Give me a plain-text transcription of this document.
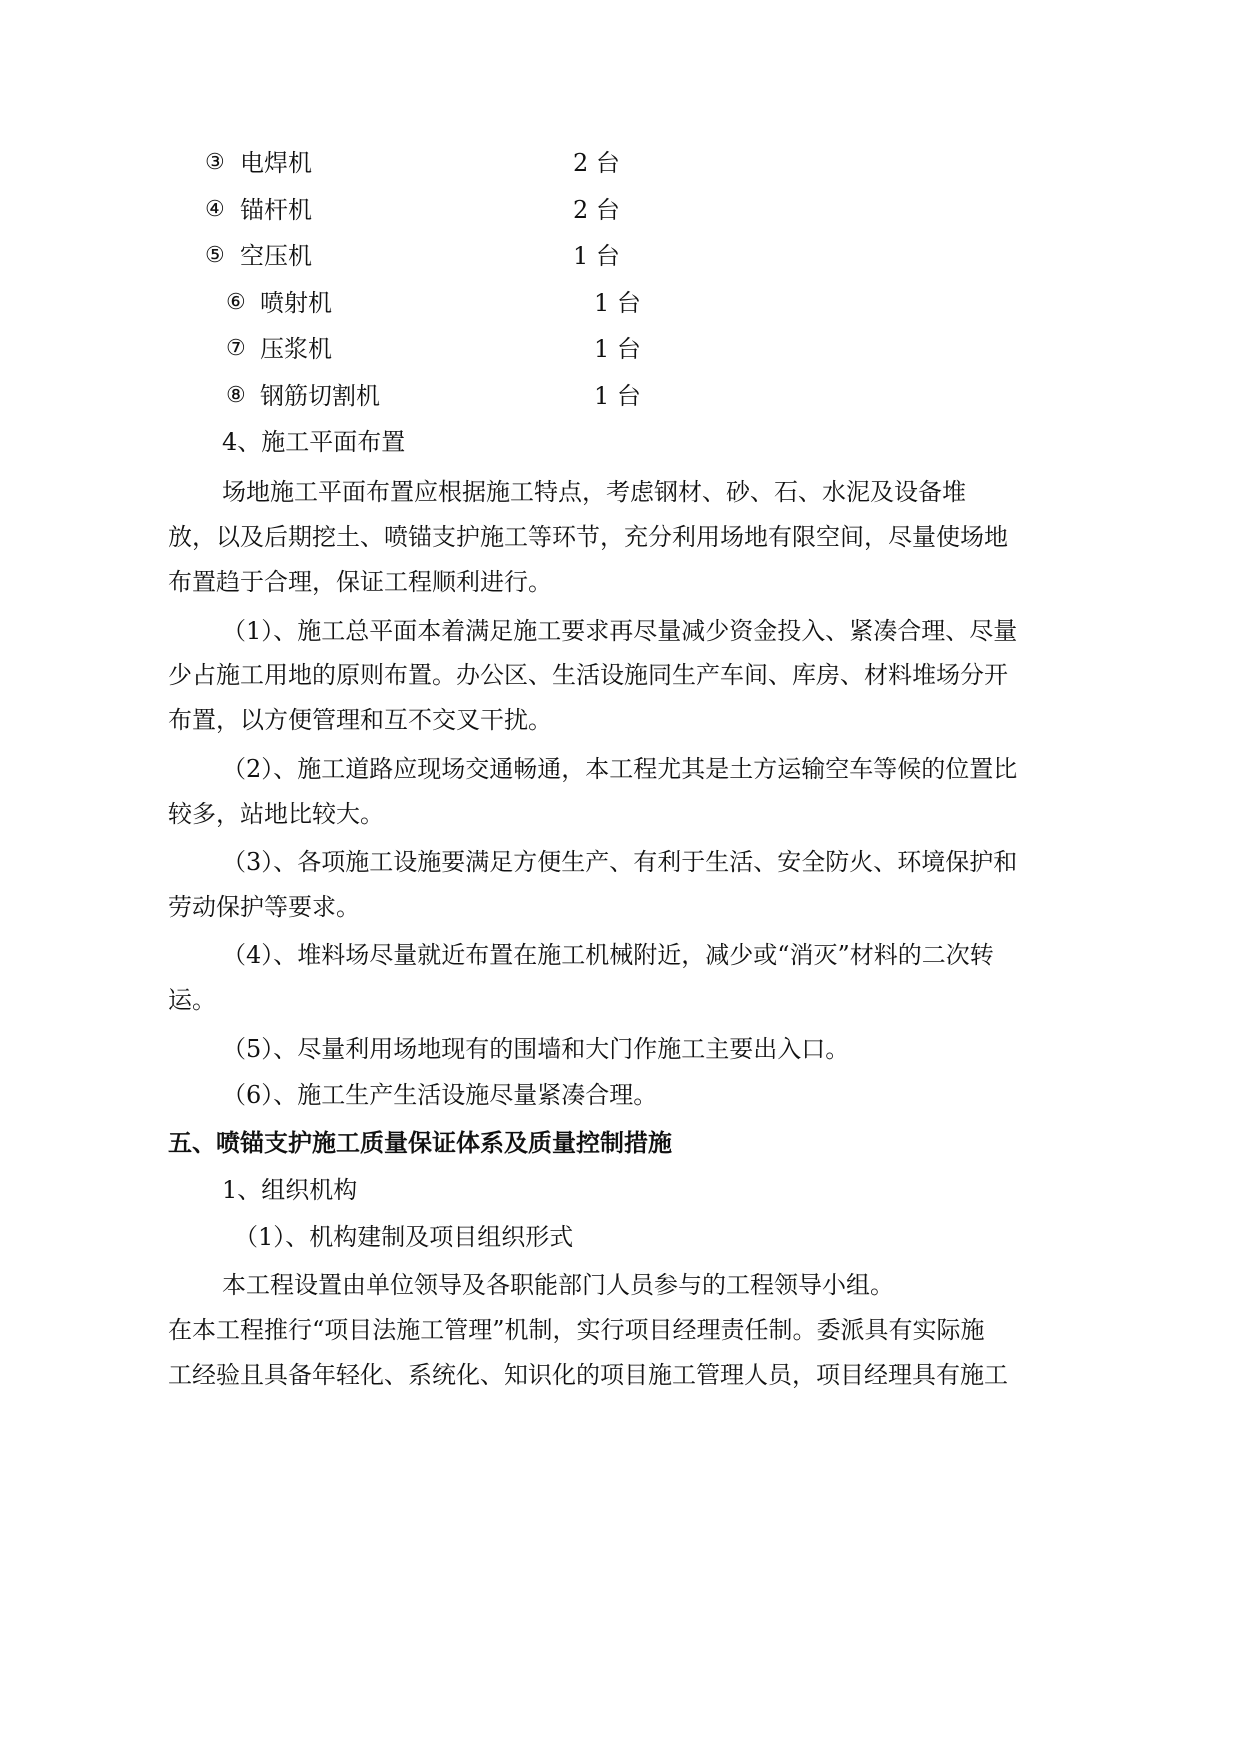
③ 电焊机	2 台
④ 锚杆机	2 台
⑤ 空压机	1 台
⑥ 喷射机	1 台
⑦ 压浆机	1 台
⑧ 钢筋切割机	1 台
4、施工平面布置
场地施工平面布置应根据施工特点，考虑钢材、砂、石、水泥及设备堆
放，以及后期挖土、喷锚支护施工等环节，充分利用场地有限空间，尽量使场地
布置趋于合理，保证工程顺利进行。
（1）、施工总平面本着满足施工要求再尽量减少资金投入、紧凑合理、尽量
少占施工用地的原则布置。办公区、生活设施同生产车间、库房、材料堆场分开
布置，以方便管理和互不交叉干扰。
（2）、施工道路应现场交通畅通，本工程尤其是土方运输空车等候的位置比
较多，站地比较大。
（3）、各项施工设施要满足方便生产、有利于生活、安全防火、环境保护和
劳动保护等要求。
（4）、堆料场尽量就近布置在施工机械附近，减少或“消灭”材料的二次转
运。
（5）、尽量利用场地现有的围墙和大门作施工主要出入口。
（6）、施工生产生活设施尽量紧凑合理。
五、喷锚支护施工质量保证体系及质量控制措施
1、组织机构
（1）、机构建制及项目组织形式
本工程设置由单位领导及各职能部门人员参与的工程领导小组。
在本工程推行“项目法施工管理”机制，实行项目经理责任制。委派具有实际施
工经验且具备年轻化、系统化、知识化的项目施工管理人员，项目经理具有施工
